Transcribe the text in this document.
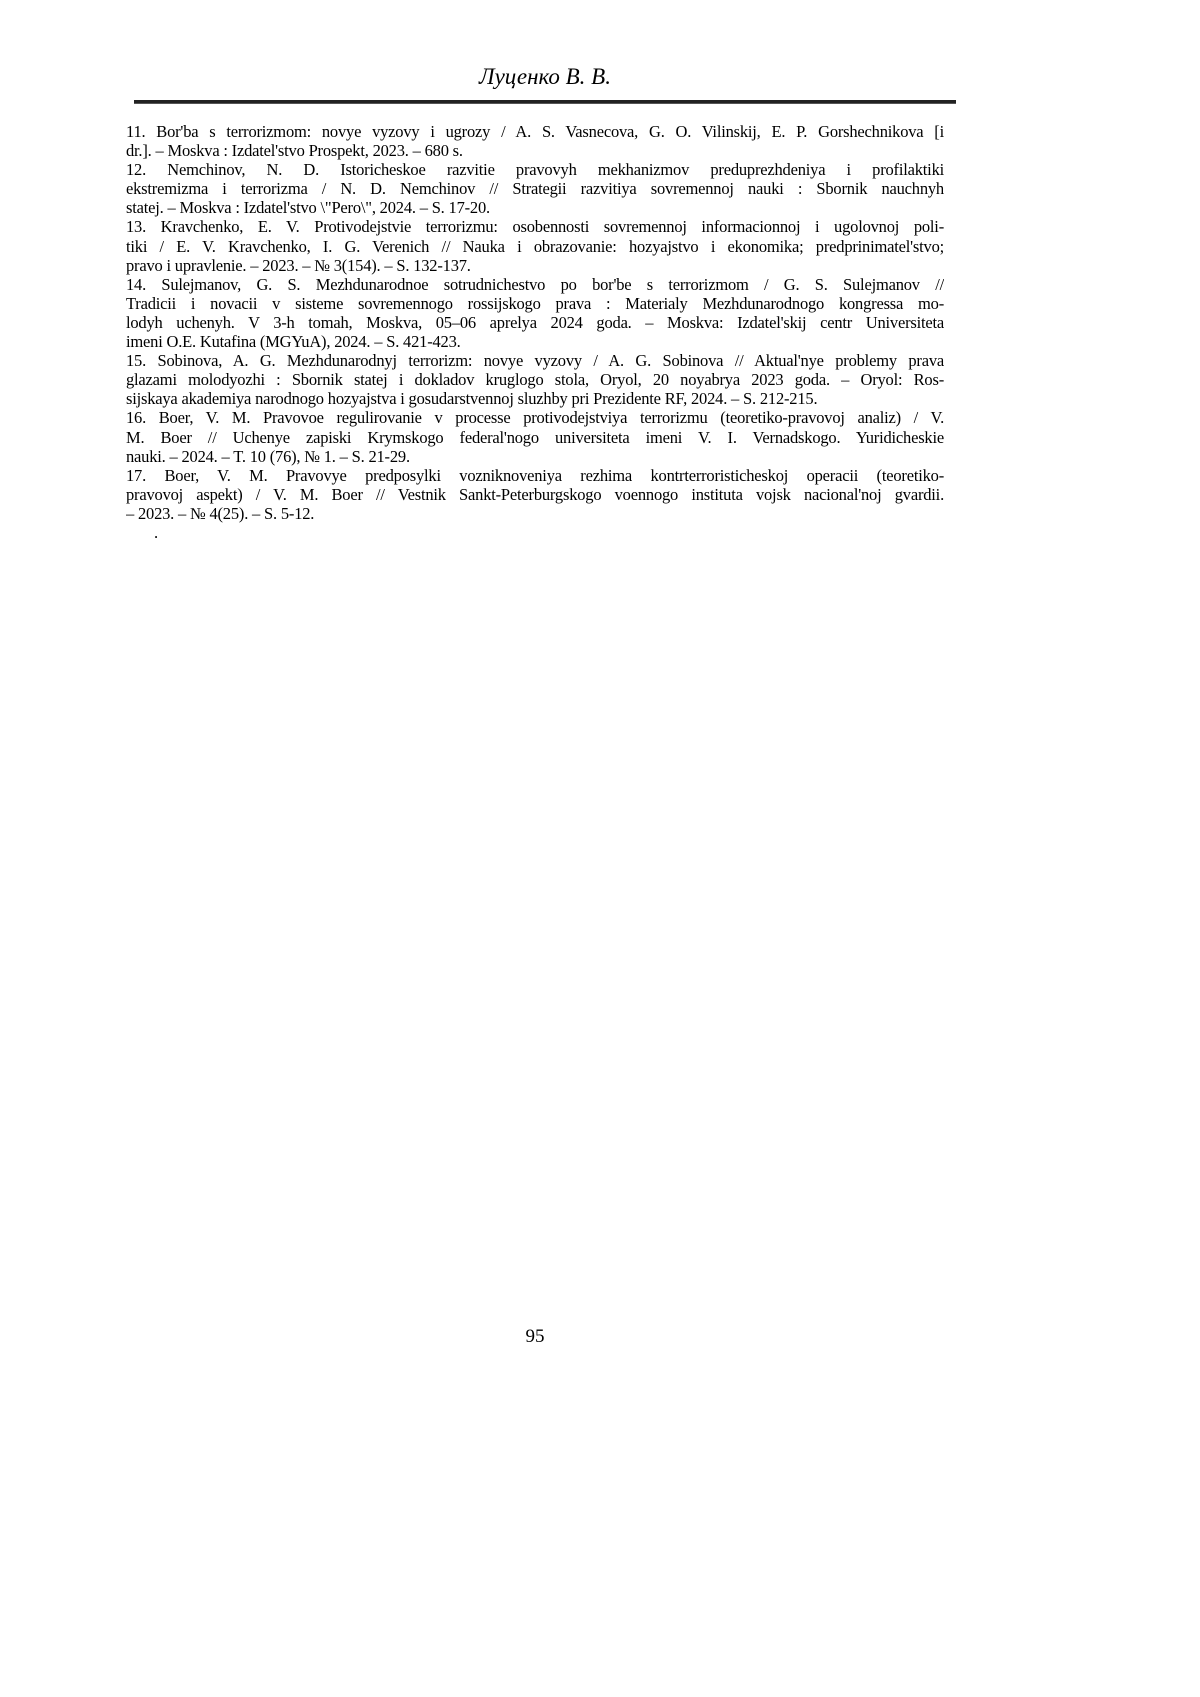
Луценко В. В.

11. Bor'ba s terrorizmom: novye vyzovy i ugrozy / A. S. Vasnecova, G. O. Vilinskij, E. P. Gorshechnikova [i
dr.]. – Moskva : Izdatel'stvo Prospekt, 2023. – 680 s.

12. Nemchinov, N. D. Istoricheskoe razvitie pravovyh mekhanizmov preduprezhdeniya i profilaktiki
ekstremizma i terrorizma / N. D. Nemchinov // Strategii razvitiya sovremennoj nauki : Sbornik nauchnyh
statej. – Moskva : Izdatel'stvo \"Pero\", 2024. – S. 17-20.

13. Kravchenko, E. V. Protivodejstvie terrorizmu: osobennosti sovremennoj informacionnoj i ugolovnoj poli-
tiki / E. V. Kravchenko, I. G. Verenich // Nauka i obrazovanie: hozyajstvo i ekonomika; predprinimatel'stvo;
pravo i upravlenie. – 2023. – № 3(154). – S. 132-137.

14. Sulejmanov, G. S. Mezhdunarodnoe sotrudnichestvo po bor'be s terrorizmom / G. S. Sulejmanov //
Tradicii i novacii v sisteme sovremennogo rossijskogo prava : Materialy Mezhdunarodnogo kongressa mo-
lodyh uchenyh. V 3-h tomah, Moskva, 05–06 aprelya 2024 goda. – Moskva: Izdatel'skij centr Universiteta
imeni O.E. Kutafina (MGYuA), 2024. – S. 421-423.

15. Sobinova, A. G. Mezhdunarodnyj terrorizm: novye vyzovy / A. G. Sobinova // Aktual'nye problemy prava
glazami molodyozhi : Sbornik statej i dokladov kruglogo stola, Oryol, 20 noyabrya 2023 goda. – Oryol: Ros-
sijskaya akademiya narodnogo hozyajstva i gosudarstvennoj sluzhby pri Prezidente RF, 2024. – S. 212-215.

16. Boer, V. M. Pravovoe regulirovanie v processe protivodejstviya terrorizmu (teoretiko-pravovoj analiz) / V.
M. Boer // Uchenye zapiski Krymskogo federal'nogo universiteta imeni V. I. Vernadskogo. Yuridicheskie
nauki. – 2024. – T. 10 (76), № 1. – S. 21-29.

17. Boer, V. M. Pravovye predposylki vozniknoveniya rezhima kontrterroristicheskoj operacii (teoretiko-
pravovoj aspekt) / V. M. Boer // Vestnik Sankt-Peterburgskogo voennogo instituta vojsk nacional'noj gvardii.
– 2023. – № 4(25). – S. 5-12.

.
95
